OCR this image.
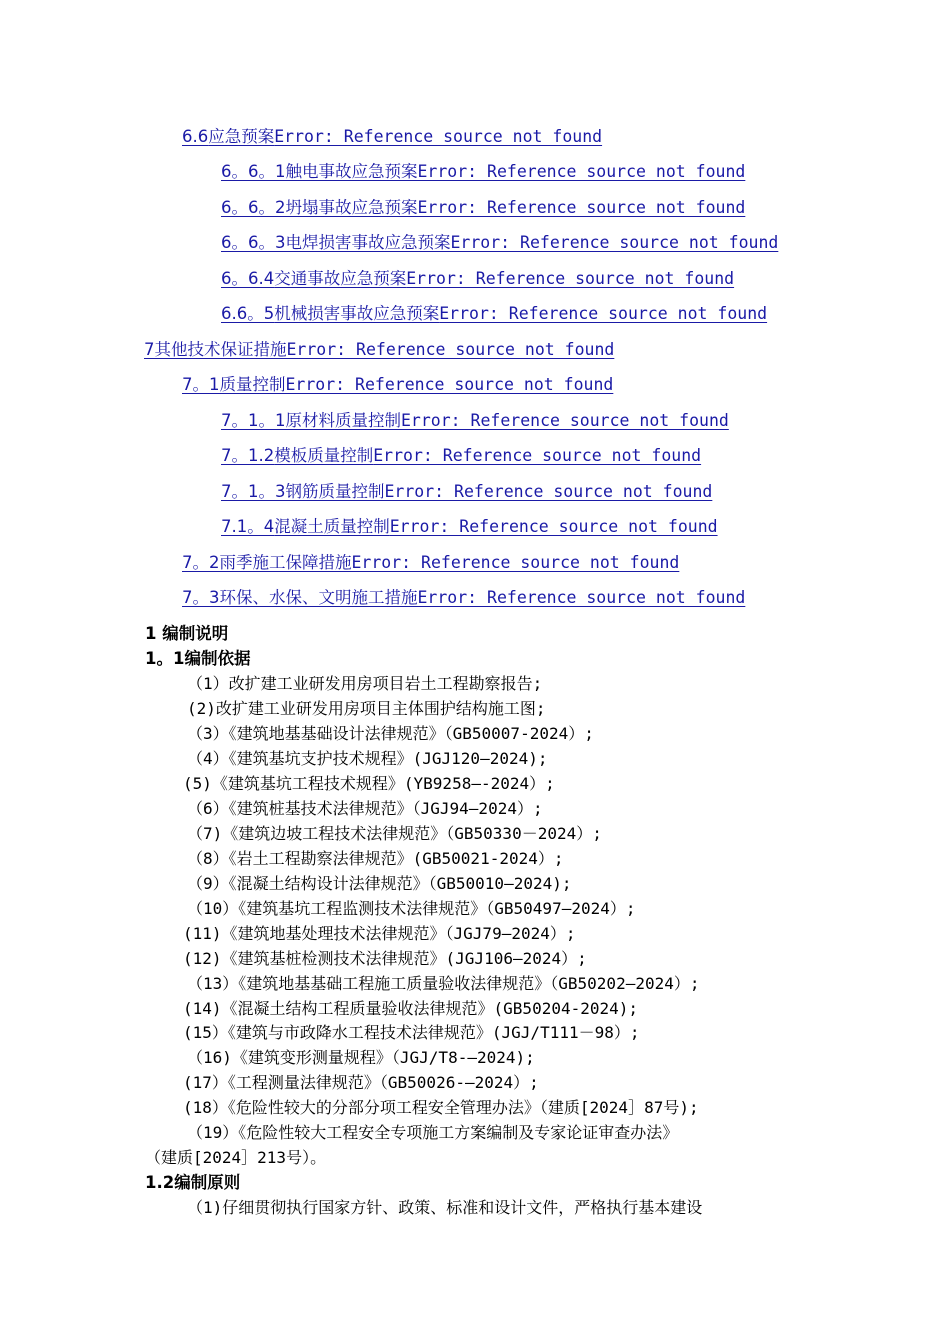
6.6应急预案Error: Reference source not found
6。6。1触电事故应急预案Error: Reference source not found
6。6。2坍塌事故应急预案Error: Reference source not found
6。6。3电焊损害事故应急预案Error: Reference source not found
6。6.4交通事故应急预案Error: Reference source not found
6.6。5机械损害事故应急预案Error: Reference source not found
7其他技术保证措施Error: Reference source not found
7。1质量控制Error: Reference source not found
7。1。1原材料质量控制Error: Reference source not found
7。1.2模板质量控制Error: Reference source not found
7。1。3钢筋质量控制Error: Reference source not found
7.1。4混凝土质量控制Error: Reference source not found
7。2雨季施工保障措施Error: Reference source not found
7。3环保、水保、文明施工措施Error: Reference source not found
1 编制说明
1。1编制依据
（1）改扩建工业研发用房项目岩土工程勘察报告;
(2)改扩建工业研发用房项目主体围护结构施工图;
（3）《建筑地基基础设计法律规范》（GB50007-2024）;
（4）《建筑基坑支护技术规程》(JGJ120—2024);
(5)《建筑基坑工程技术规程》(YB9258—-2024）;
（6）《建筑桩基技术法律规范》（JGJ94—2024）;
（7)《建筑边坡工程技术法律规范》（GB50330－2024）;
（8）《岩土工程勘察法律规范》(GB50021-2024）;
（9）《混凝土结构设计法律规范》（GB50010—2024);
（10）《建筑基坑工程监测技术法律规范》（GB50497—2024）;
(11)《建筑地基处理技术法律规范》（JGJ79—2024）;
(12)《建筑基桩检测技术法律规范》(JGJ106—2024）;
（13）《建筑地基基础工程施工质量验收法律规范》（GB50202—2024）;
(14)《混凝土结构工程质量验收法律规范》(GB50204-2024);
(15）《建筑与市政降水工程技术法律规范》(JGJ/T111－98）;
（16)《建筑变形测量规程》（JGJ/T8-—2024);
(17）《工程测量法律规范》（GB50026-—2024）;
(18）《危险性较大的分部分项工程安全管理办法》（建质[2024］87号);
（19）《危险性较大工程安全专项施工方案编制及专家论证审查办法》
（建质[2024］213号）。
1.2编制原则
（1)仔细贯彻执行国家方针、政策、标准和设计文件，严格执行基本建设
